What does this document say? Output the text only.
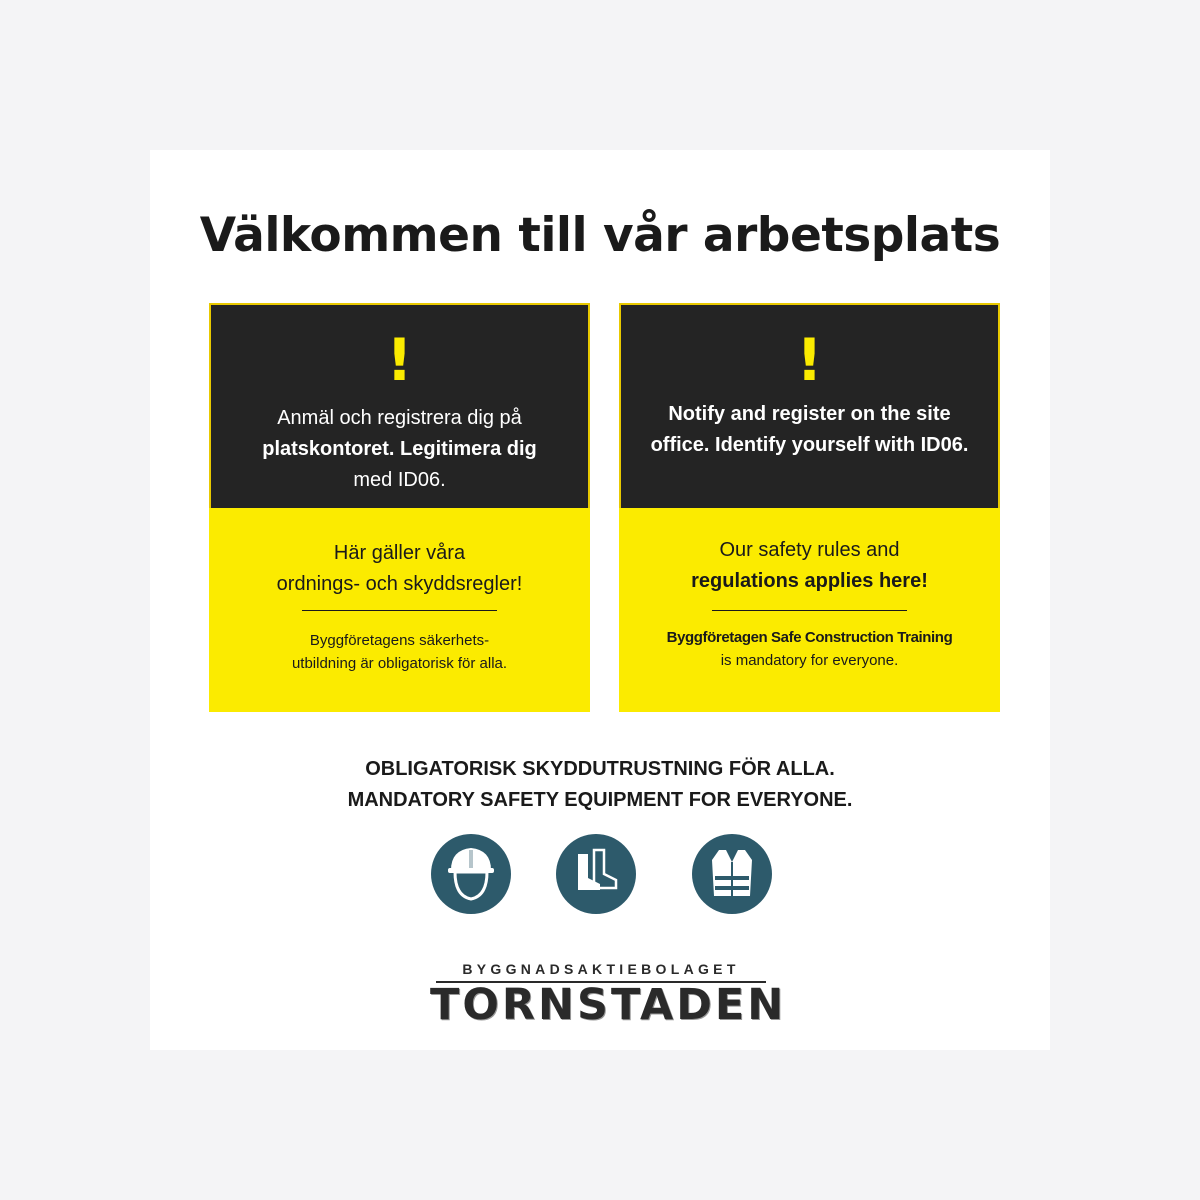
Välkommen till vår arbetsplats
!
Anmäl och registrera dig på
platskontoret. Legitimera dig
med ID06.
Här gäller våra
ordnings- och skyddsregler!
Byggföretagens säkerhets-
utbildning är obligatorisk för alla.
!
Notify and register on the site
office. Identify yourself with ID06.
Our safety rules and
regulations applies here!
Byggföretagen Safe Construction Training
is mandatory for everyone.
OBLIGATORISK SKYDDUTRUSTNING FÖR ALLA.
MANDATORY SAFETY EQUIPMENT FOR EVERYONE.
BYGGNADSAKTIEBOLAGET
TORNSTADEN
